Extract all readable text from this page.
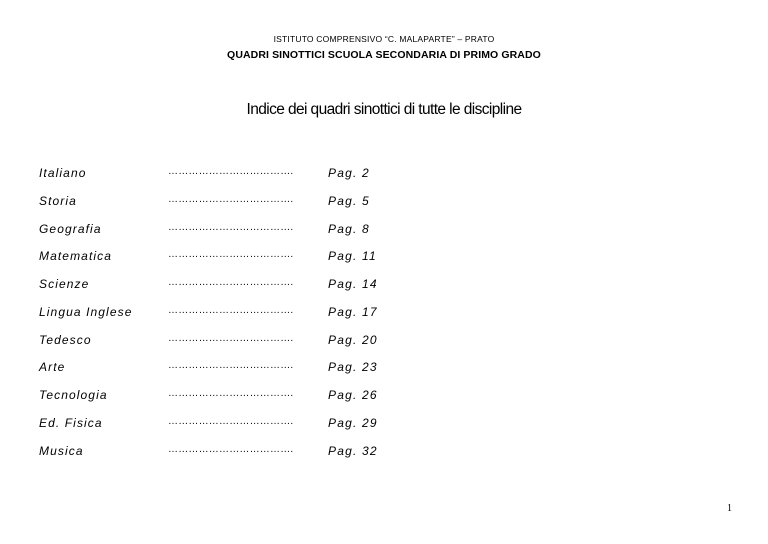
ISTITUTO COMPRENSIVO “C. MALAPARTE” – PRATO
QUADRI SINOTTICI SCUOLA SECONDARIA DI PRIMO GRADO
Indice dei quadri sinottici di tutte le discipline
Italiano	……………………………….	Pag. 2
Storia	……………………………….	Pag. 5
Geografia	……………………………….	Pag. 8
Matematica	……………………………….	Pag. 11
Scienze	……………………………….	Pag. 14
Lingua Inglese	……………………………….	Pag. 17
Tedesco	……………………………….	Pag. 20
Arte	……………………………….	Pag. 23
Tecnologia	……………………………….	Pag. 26
Ed. Fisica	……………………………….	Pag. 29
Musica	……………………………….	Pag. 32
1
